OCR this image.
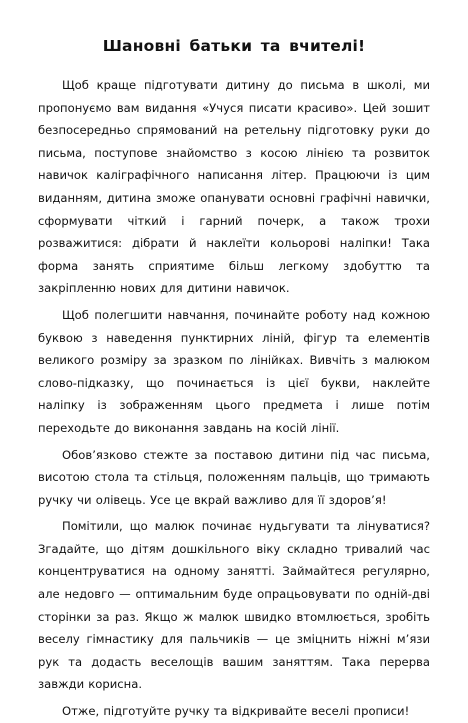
Шановні батьки та вчителі!

Щоб краще підготувати дитину до письма в школі, ми пропонуємо вам видання «Учуся писати красиво». Цей зошит безпосередньо спрямований на ретельну підготовку руки до письма, поступове знайомство з косою лінією та розвиток навичок каліграфічного написання літер. Працюючи із цим виданням, дитина зможе опанувати основні графічні навички, сформувати чіткий і гарний почерк, а також трохи розважитися: дібрати й наклеїти кольорові наліпки! Така форма занять сприятиме більш легкому здобуттю та закріпленню нових для дитини навичок.

Щоб полегшити навчання, починайте роботу над кожною буквою з наведення пунктирних ліній, фігур та елементів великого розміру за зразком по лінійках. Вивчіть з малюком слово-підказку, що починається із цієї букви, наклейте наліпку із зображенням цього предмета і лише потім переходьте до виконання завдань на косій лінії.

Обов’язково стежте за поставою дитини під час письма, висотою стола та стільця, положенням пальців, що тримають ручку чи олівець. Усе це вкрай важливо для її здоров’я!

Помітили, що малюк починає нудьгувати та лінуватися? Згадайте, що дітям дошкільного віку складно тривалий час концентруватися на одному занятті. Займайтеся регулярно, але недовго — оптимальним буде опрацьовувати по одній-дві сторінки за раз. Якщо ж малюк швидко втомлюється, зробіть веселу гімнастику для пальчиків — це зміцнить ніжні м’язи рук та додасть веселощів вашим заняттям. Така перерва завжди корисна.

Отже, підготуйте ручку та відкривайте веселі прописи!
